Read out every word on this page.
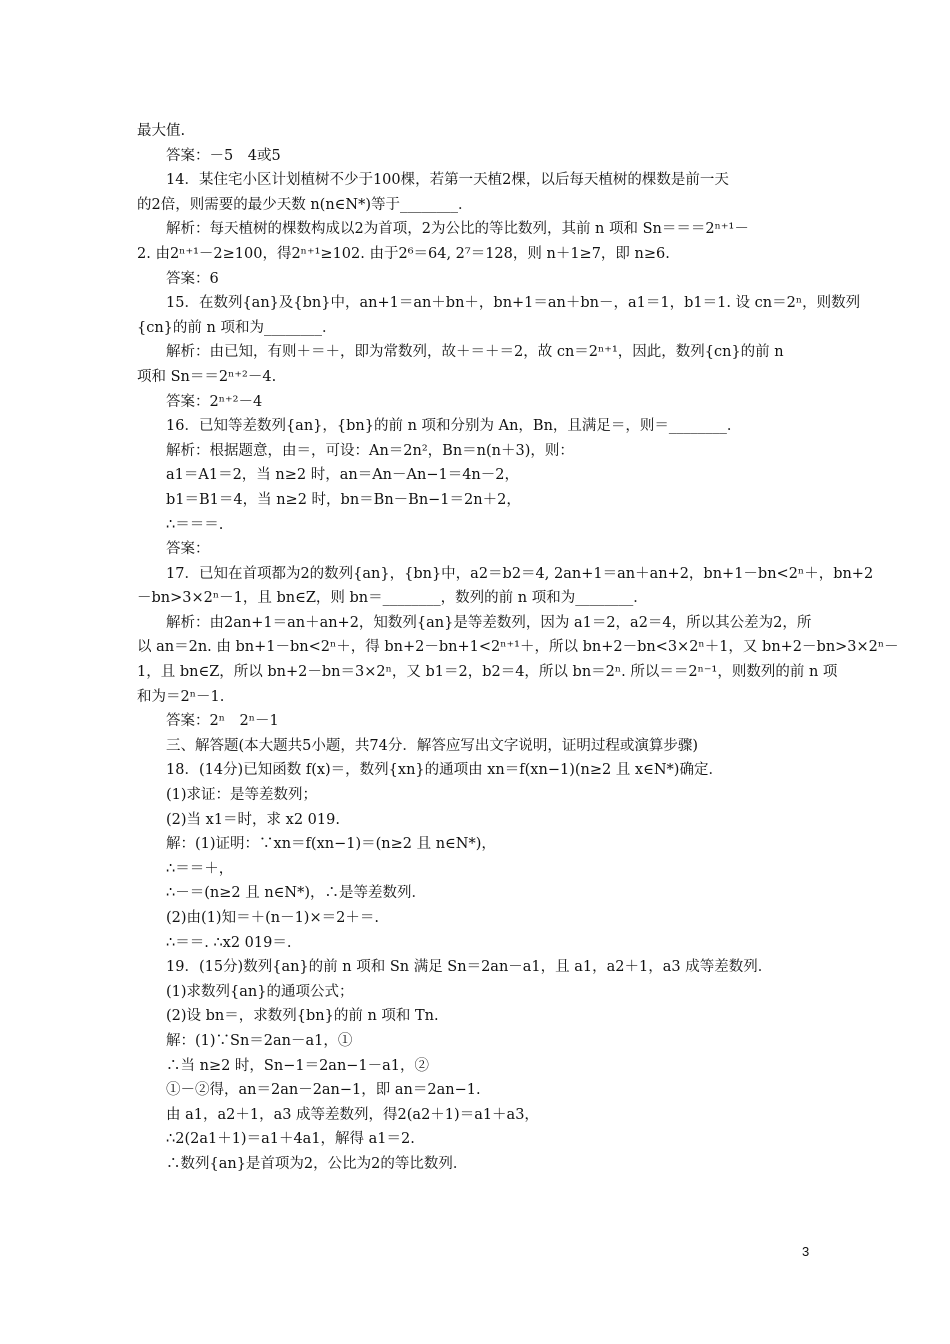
最大值.
答案：－5　4或5
14．某住宅小区计划植树不少于100棵，若第一天植2棵，以后每天植树的棵数是前一天
的2倍，则需要的最少天数 n(n∈N*)等于________．
解析：每天植树的棵数构成以2为首项，2为公比的等比数列，其前 n 项和 Sn＝＝＝2ⁿ⁺¹－
2. 由2ⁿ⁺¹－2≥100，得2ⁿ⁺¹≥102. 由于2⁶＝64, 2⁷＝128，则 n＋1≥7，即 n≥6.
答案：6
15．在数列{an}及{bn}中，an+1＝an＋bn＋，bn+1＝an＋bn－，a1＝1，b1＝1. 设 cn＝2ⁿ，则数列
{cn}的前 n 项和为________．
解析：由已知，有则＋＝＋，即为常数列，故＋＝＋＝2，故 cn＝2ⁿ⁺¹，因此，数列{cn}的前 n
项和 Sn＝＝2ⁿ⁺²－4.
答案：2ⁿ⁺²－4
16．已知等差数列{an}，{bn}的前 n 项和分别为 An，Bn，且满足＝，则＝________．
解析：根据题意，由＝，可设：An＝2n²，Bn＝n(n＋3)，则：
a1＝A1＝2，当 n≥2 时，an＝An－An−1＝4n－2，
b1＝B1＝4，当 n≥2 时，bn＝Bn－Bn−1＝2n＋2，
∴＝＝＝.
答案：
17．已知在首项都为2的数列{an}，{bn}中，a2＝b2＝4, 2an+1＝an＋an+2，bn+1－bn<2ⁿ＋，bn+2
－bn>3×2ⁿ－1，且 bn∈Z，则 bn＝________，数列的前 n 项和为________．
解析：由2an+1＝an＋an+2，知数列{an}是等差数列，因为 a1＝2，a2＝4，所以其公差为2，所
以 an＝2n. 由 bn+1－bn<2ⁿ＋，得 bn+2－bn+1<2ⁿ⁺¹＋，所以 bn+2－bn<3×2ⁿ＋1，又 bn+2－bn>3×2ⁿ－
1，且 bn∈Z，所以 bn+2－bn＝3×2ⁿ，又 b1＝2，b2＝4，所以 bn＝2ⁿ. 所以＝＝2ⁿ⁻¹，则数列的前 n 项
和为＝2ⁿ－1.
答案：2ⁿ　2ⁿ－1
三、解答题(本大题共5小题，共74分．解答应写出文字说明，证明过程或演算步骤)
18．(14分)已知函数 f(x)＝，数列{xn}的通项由 xn＝f(xn−1)(n≥2 且 x∈N*)确定．
(1)求证：是等差数列；
(2)当 x1＝时，求 x2 019.
解：(1)证明：∵xn＝f(xn−1)＝(n≥2 且 n∈N*)，
∴＝＝＋，
∴－＝(n≥2 且 n∈N*)，∴是等差数列．
(2)由(1)知＝＋(n－1)×＝2＋＝.
∴＝＝. ∴x2 019＝.
19．(15分)数列{an}的前 n 项和 Sn 满足 Sn＝2an－a1，且 a1，a2＋1，a3 成等差数列．
(1)求数列{an}的通项公式；
(2)设 bn＝，求数列{bn}的前 n 项和 Tn.
解：(1)∵Sn＝2an－a1，①
∴当 n≥2 时，Sn−1＝2an−1－a1，②
①－②得，an＝2an－2an−1，即 an＝2an−1.
由 a1，a2＋1，a3 成等差数列，得2(a2＋1)＝a1＋a3，
∴2(2a1＋1)＝a1＋4a1，解得 a1＝2.
∴数列{an}是首项为2，公比为2的等比数列．
3
